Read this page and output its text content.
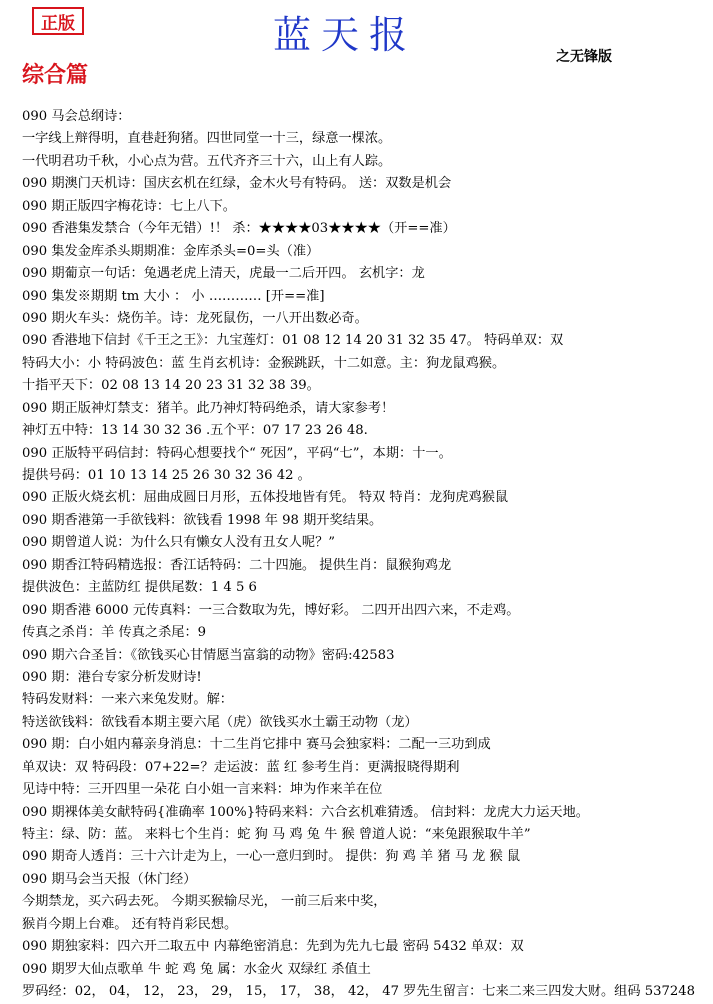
正版	蓝天报	之无锋版
综合篇
090 马会总纲诗：
一字线上辩得明，直巷赶狗猪。四世同堂一十三，绿意一棵浓。
一代明君功千秋，小心点为营。五代齐齐三十六，山上有人踪。
090 期澳门天机诗：国庆玄机在红绿，金木火号有特码。 送：双数是机会
090 期正版四字梅花诗：七上八下。
090 香港集发禁合（今年无错）!！ 杀：★★★★03★★★★（开==准）
090 集发金库杀头期期准：金库杀头=0=头（准）
090 期葡京一句话：兔遇老虎上清天，虎最一二后开四。 玄机字：龙
090 集发※期期 tm 大小 ： 小 ………… [开==准]
090 期火车头：烧伤羊。诗：龙死鼠伤，一八开出数必奇。
090 香港地下信封《千王之王》：九宝莲灯：01 08 12 14 20 31 32 35 47。 特码单双：双
特码大小：小 特码波色：蓝 生肖玄机诗：金猴跳跃，十二如意。主：狗龙鼠鸡猴。
十指平天下：02 08 13 14 20 23 31 32 38 39。
090 期正版神灯禁支：猪羊。此乃神灯特码绝杀，请大家参考！
神灯五中特：13 14 30 32 36 .五个平：07 17 23 26 48.
090 正版特平码信封：特码心想要找个“ 死因”，平码“七”，本期：十一。
提供号码：01 10 13 14 25 26 30 32 36 42 。
090 正版火烧玄机：屈曲成圆日月形，五体投地皆有凭。 特双 特肖：龙狗虎鸡猴鼠
090 期香港第一手欲钱料：欲钱看 1998 年 98 期开奖结果。
090 期曾道人说：为什么只有懒女人没有丑女人呢？”
090 期香江特码精选报：香江话特码：二十四施。 提供生肖：鼠猴狗鸡龙
提供波色：主蓝防红 提供尾数：1 4 5 6
090 期香港 6000 元传真料：一三合数取为先，博好彩。 二四开出四六来，不走鸡。
传真之杀肖：羊 传真之杀尾：9
090 期六合圣旨：《欲钱买心甘情愿当富翁的动物》密码:42583
090 期：港台专家分析发财诗!
特码发财料：一来六来兔发财。解：
特送欲钱料：欲钱看本期主要六尾（虎）欲钱买水土霸王动物（龙）
090 期：白小姐内幕亲身消息：十二生肖它排中 赛马会独家料：二配一三功到成
单双诀：双 特码段：07+22=？走运波：蓝 红 参考生肖：更满报晓得期利
见诗中特：三开四里一朵花 白小姐一言来料：坤为作来羊在位
090 期裸体美女献特码{准确率 100%}特码来料：六合玄机难猜透。 信封料：龙虎大力运天地。
特主：绿、防：蓝。 来料七个生肖：蛇 狗 马 鸡 兔 牛 猴 曾道人说：“来兔跟猴取牛羊”
090 期奇人透肖：三十六计走为上，一心一意归到时。 提供：狗 鸡 羊 猪 马 龙 猴 鼠
090 期马会当天报（休门经）
今期禁龙，买六码去死。 今期买猴输尽光， 一前三后来中奖，
猴肖今期上台难。 还有特肖彩民想。
090 期独家料：四六开二取五中 内幕绝密消息：先到为先九七最 密码 5432 单双：双
090 期罗大仙点歌单 牛 蛇 鸡 兔 属：水金火 双绿红 杀值土
罗码经：02， 04， 12， 23， 29， 15， 17， 38， 42， 47 罗先生留言：七来二来三四发大财。组码 537248
